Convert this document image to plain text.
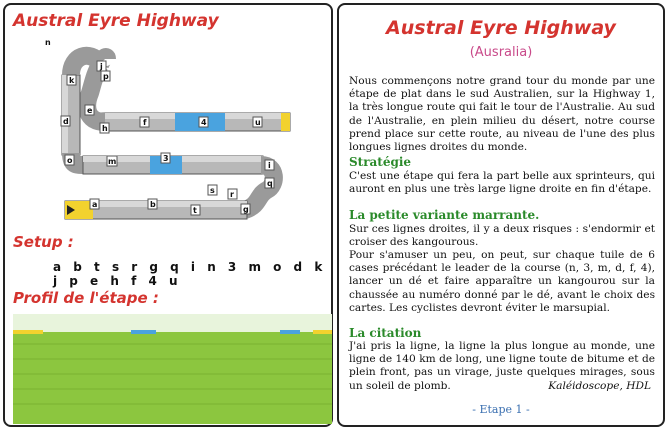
Austral Eyre Highway
a	b
t
s r
g
q
i
n
3
m
o
d
k
j
p
e
h
f	4	u
Setup :
a b t s r g q i n 3 m o d k j p e h f 4 u
Profil de l'étape :
Austral Eyre Highway
(Ausralia)
Nous commençons notre grand tour du monde par une étape de plat dans le sud Australien, sur la Highway 1, la très longue route qui fait le tour de l'Australie. Au sud de l'Australie, en plein milieu du désert, notre course prend place sur cette route, au niveau de l'une des plus longues lignes droites du monde.
Stratégie
C'est une étape qui fera la part belle aux sprinteurs, qui auront en plus une très large ligne droite en fin d'étape.
La petite variante marrante.
Sur ces lignes droites, il y a deux risques : s'endormir et croiser des kangourous.
Pour s'amuser un peu, on peut, sur chaque tuile de 6 cases précédant le leader de la course (n, 3, m, d, f, 4), lancer un dé et faire apparaître un kangourou sur la chaussée au numéro donné par le dé, avant le choix des cartes. Les cyclistes devront éviter le marsupial.
La citation
J'ai pris la ligne, la ligne la plus longue au monde, une ligne de 140 km de long, une ligne toute de bitume et de plein front, pas un virage, juste quelques mirages, sous un soleil de plomb.	Kaléidoscope, HDL
- Etape 1 -
